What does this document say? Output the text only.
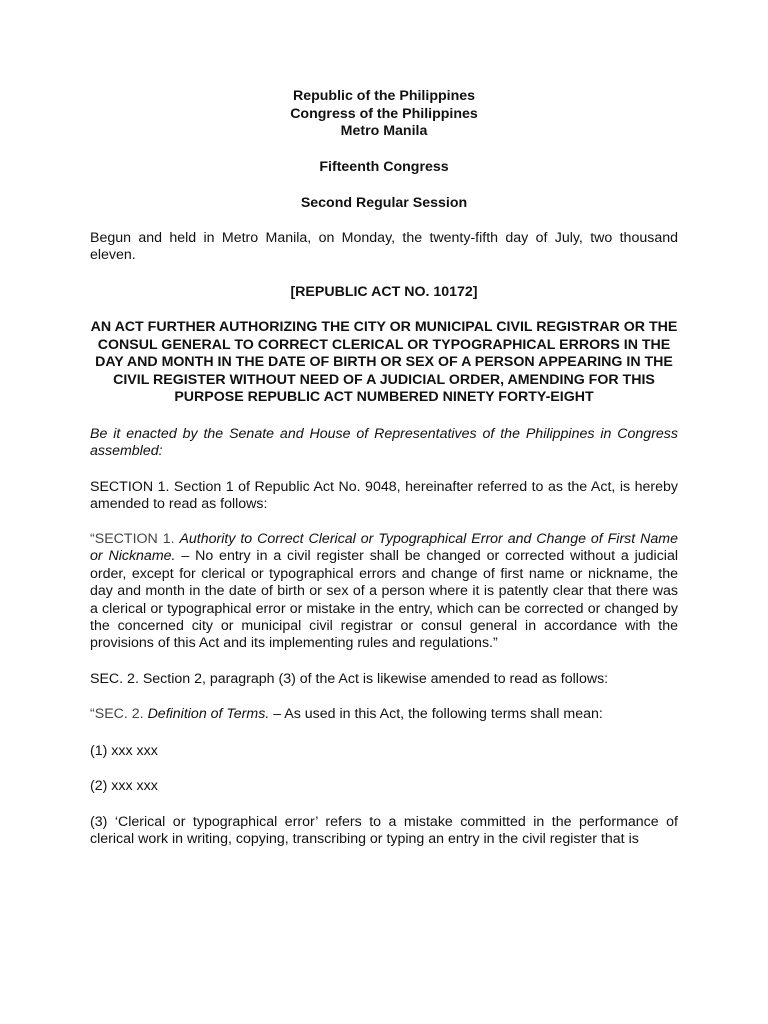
Republic of the Philippines
Congress of the Philippines
Metro Manila
Fifteenth Congress
Second Regular Session

Begun and held in Metro Manila, on Monday, the twenty-fifth day of July, two thousand eleven.

[REPUBLIC ACT NO. 10172]
AN ACT FURTHER AUTHORIZING THE CITY OR MUNICIPAL CIVIL REGISTRAR OR THE CONSUL GENERAL TO CORRECT CLERICAL OR TYPOGRAPHICAL ERRORS IN THE DAY AND MONTH IN THE DATE OF BIRTH OR SEX OF A PERSON APPEARING IN THE CIVIL REGISTER WITHOUT NEED OF A JUDICIAL ORDER, AMENDING FOR THIS PURPOSE REPUBLIC ACT NUMBERED NINETY FORTY-EIGHT

Be it enacted by the Senate and House of Representatives of the Philippines in Congress assembled:

SECTION 1. Section 1 of Republic Act No. 9048, hereinafter referred to as the Act, is hereby amended to read as follows:

“SECTION 1. Authority to Correct Clerical or Typographical Error and Change of First Name or Nickname. – No entry in a civil register shall be changed or corrected without a judicial order, except for clerical or typographical errors and change of first name or nickname, the day and month in the date of birth or sex of a person where it is patently clear that there was a clerical or typographical error or mistake in the entry, which can be corrected or changed by the concerned city or municipal civil registrar or consul general in accordance with the provisions of this Act and its implementing rules and regulations.”

SEC. 2. Section 2, paragraph (3) of the Act is likewise amended to read as follows:

“SEC. 2. Definition of Terms. – As used in this Act, the following terms shall mean:

(1) xxx xxx

(2) xxx xxx

(3) ‘Clerical or typographical error’ refers to a mistake committed in the performance of clerical work in writing, copying, transcribing or typing an entry in the civil register that is
